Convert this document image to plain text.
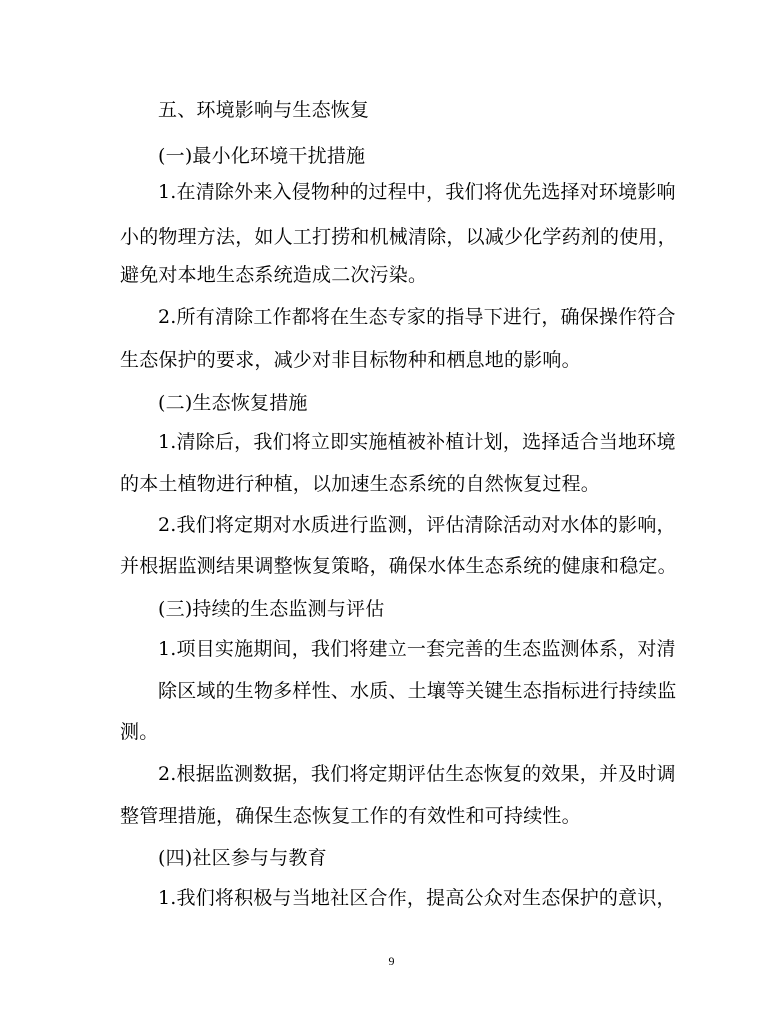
五、环境影响与生态恢复
(一)最小化环境干扰措施
1.在清除外来入侵物种的过程中，我们将优先选择对环境影响
小的物理方法，如人工打捞和机械清除，以减少化学药剂的使用，
避免对本地生态系统造成二次污染。
2.所有清除工作都将在生态专家的指导下进行，确保操作符合
生态保护的要求，减少对非目标物种和栖息地的影响。
(二)生态恢复措施
1.清除后，我们将立即实施植被补植计划，选择适合当地环境
的本土植物进行种植，以加速生态系统的自然恢复过程。
2.我们将定期对水质进行监测，评估清除活动对水体的影响，
并根据监测结果调整恢复策略，确保水体生态系统的健康和稳定。
(三)持续的生态监测与评估
1.项目实施期间，我们将建立一套完善的生态监测体系，对清
除区域的生物多样性、水质、土壤等关键生态指标进行持续监
测。
2.根据监测数据，我们将定期评估生态恢复的效果，并及时调
整管理措施，确保生态恢复工作的有效性和可持续性。
(四)社区参与与教育
1.我们将积极与当地社区合作，提高公众对生态保护的意识，
9
